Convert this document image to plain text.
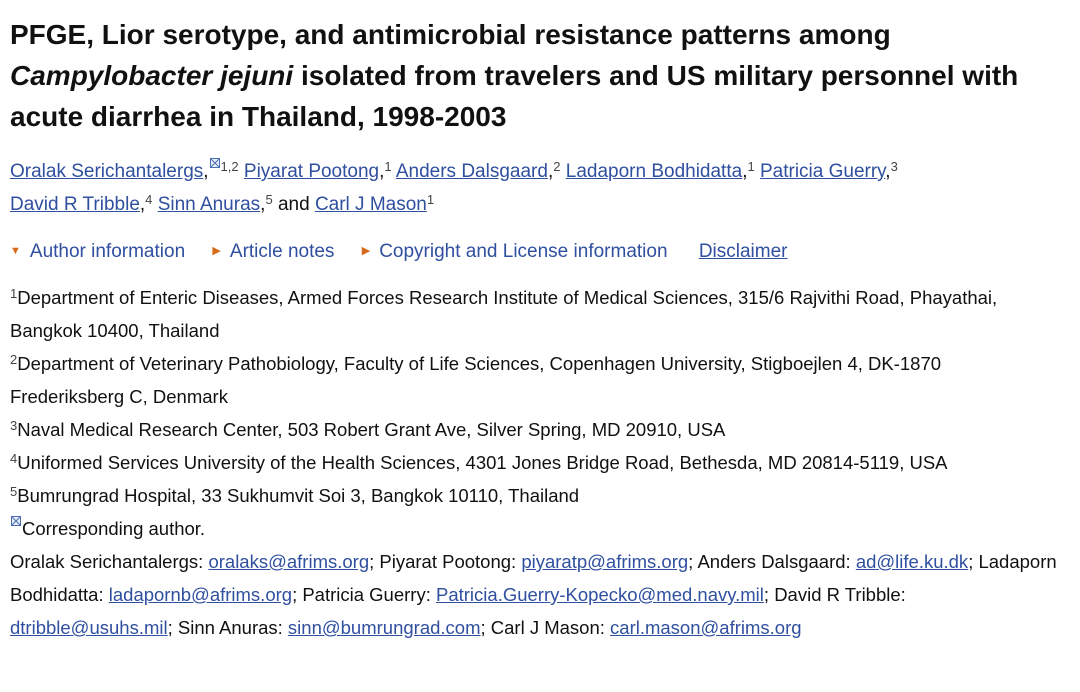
PFGE, Lior serotype, and antimicrobial resistance patterns among Campylobacter jejuni isolated from travelers and US military personnel with acute diarrhea in Thailand, 1998-2003
Oralak Serichantalergs, $^{1,2}$ Piyarat Pootong,$^1$ Anders Dalsgaard,$^2$ Ladaporn Bodhidatta,$^1$ Patricia Guerry,$^3$
David R Tribble,$^4$ Sinn Anuras,$^5$ and Carl J Mason$^1$
▼ Author information ▶ Article notes ▶ Copyright and License information Disclaimer
$^1$Department of Enteric Diseases, Armed Forces Research Institute of Medical Sciences, 315/6 Rajvithi Road, Phayathai, Bangkok 10400, Thailand
$^2$Department of Veterinary Pathobiology, Faculty of Life Sciences, Copenhagen University, Stigboejlen 4, DK-1870 Frederiksberg C, Denmark
$^3$Naval Medical Research Center, 503 Robert Grant Ave, Silver Spring, MD 20910, USA
$^4$Uniformed Services University of the Health Sciences, 4301 Jones Bridge Road, Bethesda, MD 20814-5119, USA
$^5$Bumrungrad Hospital, 33 Sukhumvit Soi 3, Bangkok 10110, Thailand
Corresponding author.
Oralak Serichantalergs: oralaks@afrims.org; Piyarat Pootong: piyaratp@afrims.org; Anders Dalsgaard: ad@life.ku.dk; Ladaporn Bodhidatta: ladapornb@afrims.org; Patricia Guerry: Patricia.Guerry-Kopecko@med.navy.mil; David R Tribble: dtribble@usuhs.mil; Sinn Anuras: sinn@bumrungrad.com; Carl J Mason: carl.mason@afrims.org
